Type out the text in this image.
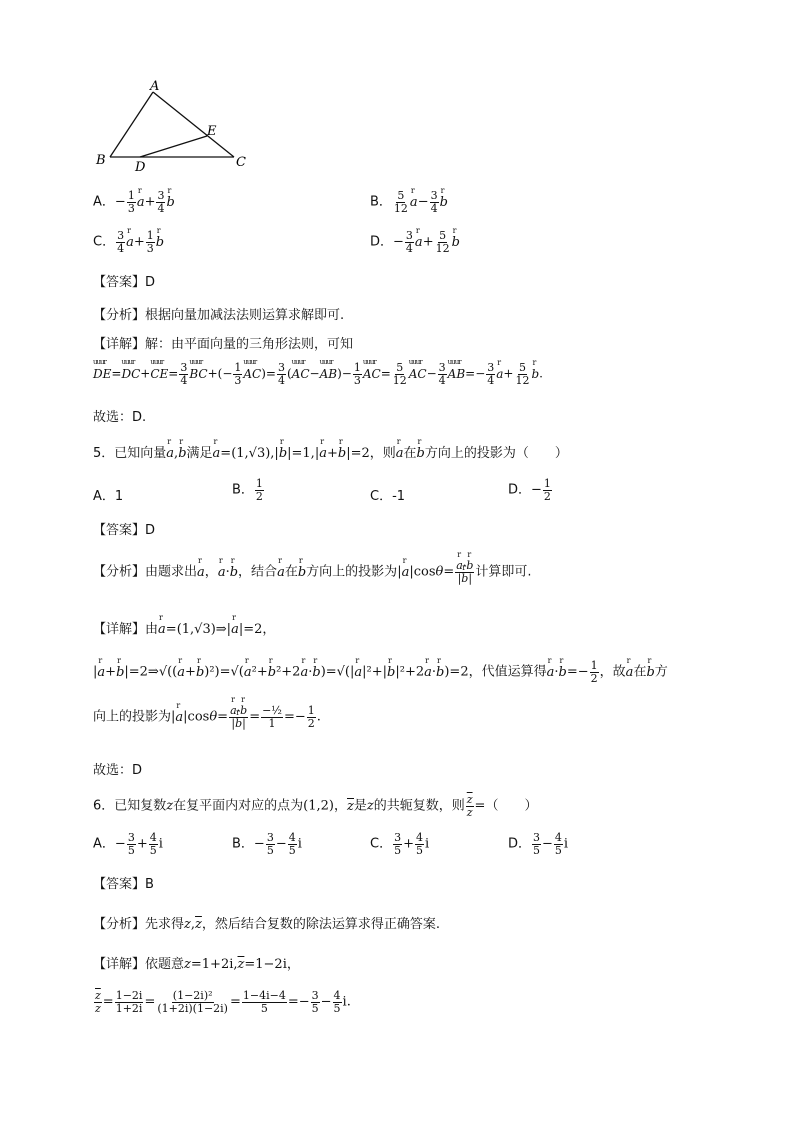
A
B	C
D
E
A．− $\frac{1}{3}$ r $a+ \frac{3}{4}$ r b	B． $\frac{5}{12}$ r $a- \frac{3}{4}$ r b
C． $\frac{3}{4}$ r $a+ \frac{1}{3}$ r b	D．− $\frac{3}{4}$ r $a+ \frac{5}{12}$ r b
【答案】D
【分析】根据向量加减法法则运算求解即可.
【详解】解：由平面向量的三角形法则，可知
uuur DE=uuur DC+uuur $CE= \frac{3}{4}$ uuur $BC+(- \frac{1}{3}$ uuur $AC)= \frac{3}{4}$ (uuur AC−uuur $AB)- \frac{1}{3}$ uuur $AC= \frac{5}{12}$ uuur $AC- \frac{3}{4}$ uuur $AB=- \frac{3}{4}$ r $a+ \frac{5}{12}$ r b.
故选：D.
5．已知向量r a,r b满足r a=(1,√3),|r b|=1,|r a+r b|=2，则r a在r b方向上的投影为（　　）
A．1	B． $\frac{1}{2}$	C．-1	D．− $\frac{1}{2}$
【答案】D
【分析】由题求出r a，r a·r b，结合r a在r b方向上的投影为|r a|cosθ= r $\frac{\text{a·r b}}{\text{|r b|}}$ 计算即可.
【详解】由r a=(1,√3)⇒|r a|=2，
|r a+r b|=2⇒√((r a+r b)²)=√(r a²+r b²+2r a·r b)=√(|r a|²+|r b|²+2r a·r b)=2，代值运算得r a·r $b=- \frac{1}{2}$ ，故r a在r b方
向上的投影为|r a|cosθ= r $\frac{\text{a·r b}}{\text{|r b|}} = \frac{\text{−½}}{1} =- \frac{1}{2}$ .
故选：D
6．已知复数z在复平面内对应的点为(1,2)，z是z的共轭复数，则 $\frac{\overline{z}}{z}$ =（　　）
A．− $\frac{3}{5} + \frac{4}{5}$ i	B．− $\frac{3}{5} - \frac{4}{5}$ i	C． $\frac{3}{5} + \frac{4}{5}$ i	D． $\frac{3}{5} - \frac{4}{5}$ i
【答案】B
【分析】先求得$z,\overline{z}$，然后结合复数的除法运算求得正确答案.
【详解】依题意$z=1+2i,\overline{z}=1-2i$，
$\frac{\overline{z}}{z} = \frac{1-2i}{1+2i} = \frac{\text{(1−2i)²}}{(1+2i)(1-2i)} = \frac{1-4i-4}{5} =- \frac{3}{5} - \frac{4}{5} i$.
